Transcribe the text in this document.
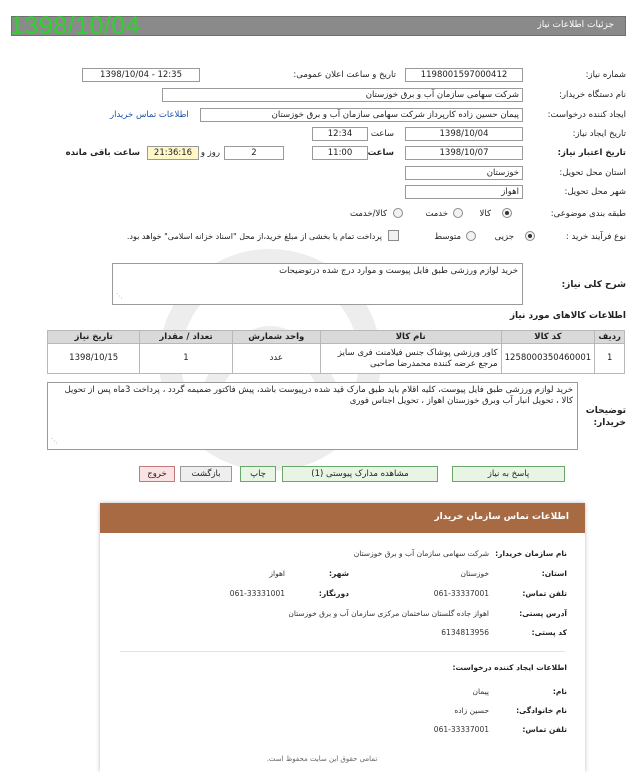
جزئیات اطلاعات نیاز
1398/10/04
شماره نیاز:
1198001597000412
تاریخ و ساعت اعلان عمومی:
1398/10/04 - 12:35
نام دستگاه خریدار:
شرکت سهامی سازمان آب و برق خوزستان
ایجاد کننده درخواست:
پیمان حسین زاده کارپرداز شرکت سهامی سازمان آب و برق خوزستان
اطلاعات تماس خریدار
تاریخ ایجاد نیاز:
1398/10/04
ساعت
12:34
تاریخ اعتبار نیاز:
1398/10/07
ساعت
11:00
2
روز و
21:36:16
ساعت باقی مانده
استان محل تحویل:
خوزستان
شهر محل تحویل:
اهواز
طبقه بندی موضوعی:
کالا
خدمت
کالا/خدمت
نوع فرآیند خرید :
جزیی
متوسط
پرداخت تمام یا بخشی از مبلغ خرید،از محل "اسناد خزانه اسلامی" خواهد بود.
شرح کلی نیاز:
خرید لوازم ورزشی طبق فایل پیوست و موارد درج شده درتوضیحات
⋰
اطلاعات کالاهای مورد نیاز
ردیف	کد کالا	نام کالا	واحد شمارش	تعداد / مقدار	تاریخ نیاز
1	1258000350460001	کاور ورزشی پوشاک جنس فیلامنت فری سایز مرجع عرضه کننده محمدرضا صاحبی	عدد	1	1398/10/15
توضیحات خریدار:
خرید لوازم ورزشی طبق فایل پیوست، کلیه اقلام باید طبق مارک قید شده درپیوست باشد، پیش فاکتور ضمیمه گردد ، پرداخت 3ماه پس از تحویل کالا ، تحویل انبار آب وبرق خوزستان اهواز ، تحویل اجناس فوری
⋰
پاسخ به نیاز
مشاهده مدارک پیوستی (1)
چاپ
بازگشت
خروج
اطلاعات تماس سازمان خریدار
نام سازمان خریدار:
شرکت سهامی سازمان آب و برق خوزستان
استان:
خوزستان
شهر:
اهواز
تلفن تماس:
061-33337001
دورنگار:
061-33331001
آدرس پستی:
اهواز جاده گلستان ساختمان مرکزی سازمان آب و برق خوزستان
کد پستی:
6134813956
اطلاعات ایجاد کننده درخواست:
نام:
پیمان
نام خانوادگی:
حسین زاده
تلفن تماس:
061-33337001
تمامی حقوق این سایت محفوظ است.
